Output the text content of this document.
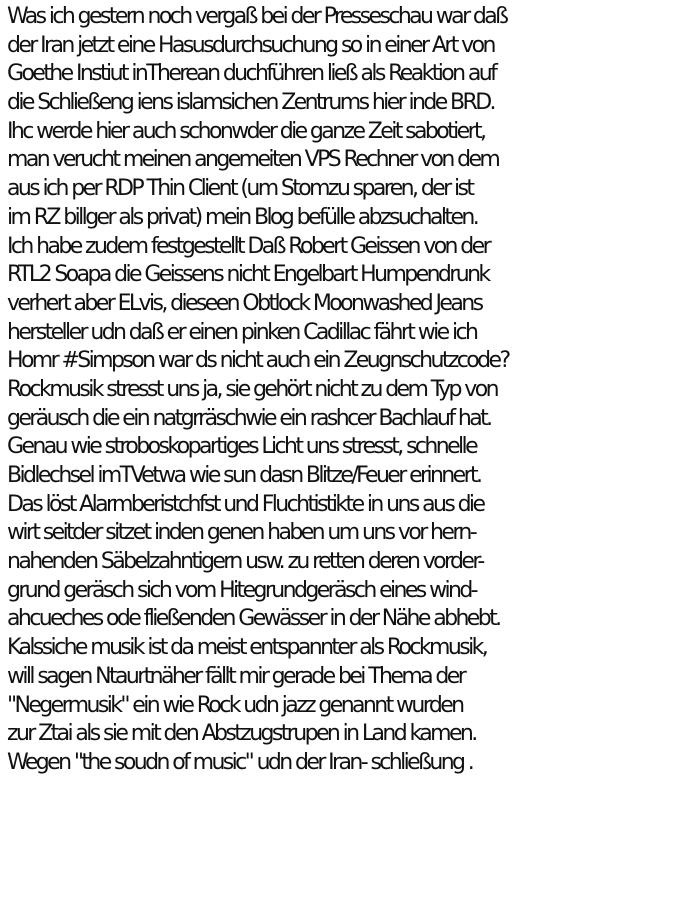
Was ich gestern noch vergaß bei der Presseschau war daß
der Iran jetzt eine Hasusdurchsuchung so in einer Art von
Goethe Instiut inTherean duchführen ließ als Reaktion auf
die Schließeng iens islamsichen Zentrums hier inde BRD.
Ihc werde hier auch schonwder die ganze Zeit sabotiert,
man verucht meinen angemeiten VPS Rechner von dem
aus ich per RDP Thin Client (um Stomzu sparen, der ist
im RZ billger als privat) mein Blog befülle abzsuchalten.
Ich habe zudem festgestellt Daß Robert Geissen von der
RTL2 Soapa die Geissens nicht Engelbart Humpendrunk
verhert aber ELvis, dieseen Obtlock Moonwashed Jeans
hersteller udn daß er einen pinken Cadillac fährt wie ich
Homr #Simpson war ds nicht auch ein Zeugnschutzcode?
Rockmusik stresst uns ja, sie gehört nicht zu dem Typ von
geräusch die ein natgrräschwie ein rashcer Bachlauf hat.
Genau wie stroboskopartiges Licht uns stresst, schnelle
Bidlechsel imTVetwa wie sun dasn Blitze/Feuer erinnert.
Das löst Alarmberistchfst und Fluchtistikte in uns aus die
wirt seitder sitzet inden genen haben um uns vor hern-
nahenden Säbelzahntigern usw. zu retten deren vorder-
grund geräsch sich vom Hitegrundgeräsch eines wind-
ahcueches ode fließenden Gewässer in der Nähe abhebt.
Kalssiche musik ist da meist entspannter als Rockmusik,
will sagen Ntaurtnäher fällt mir gerade bei Thema der
"Negermusik" ein wie Rock udn jazz genannt wurden
zur Ztai als sie mit den Abstzugstrupen in Land kamen.
Wegen "the soudn of music" udn der Iran- schließung .
